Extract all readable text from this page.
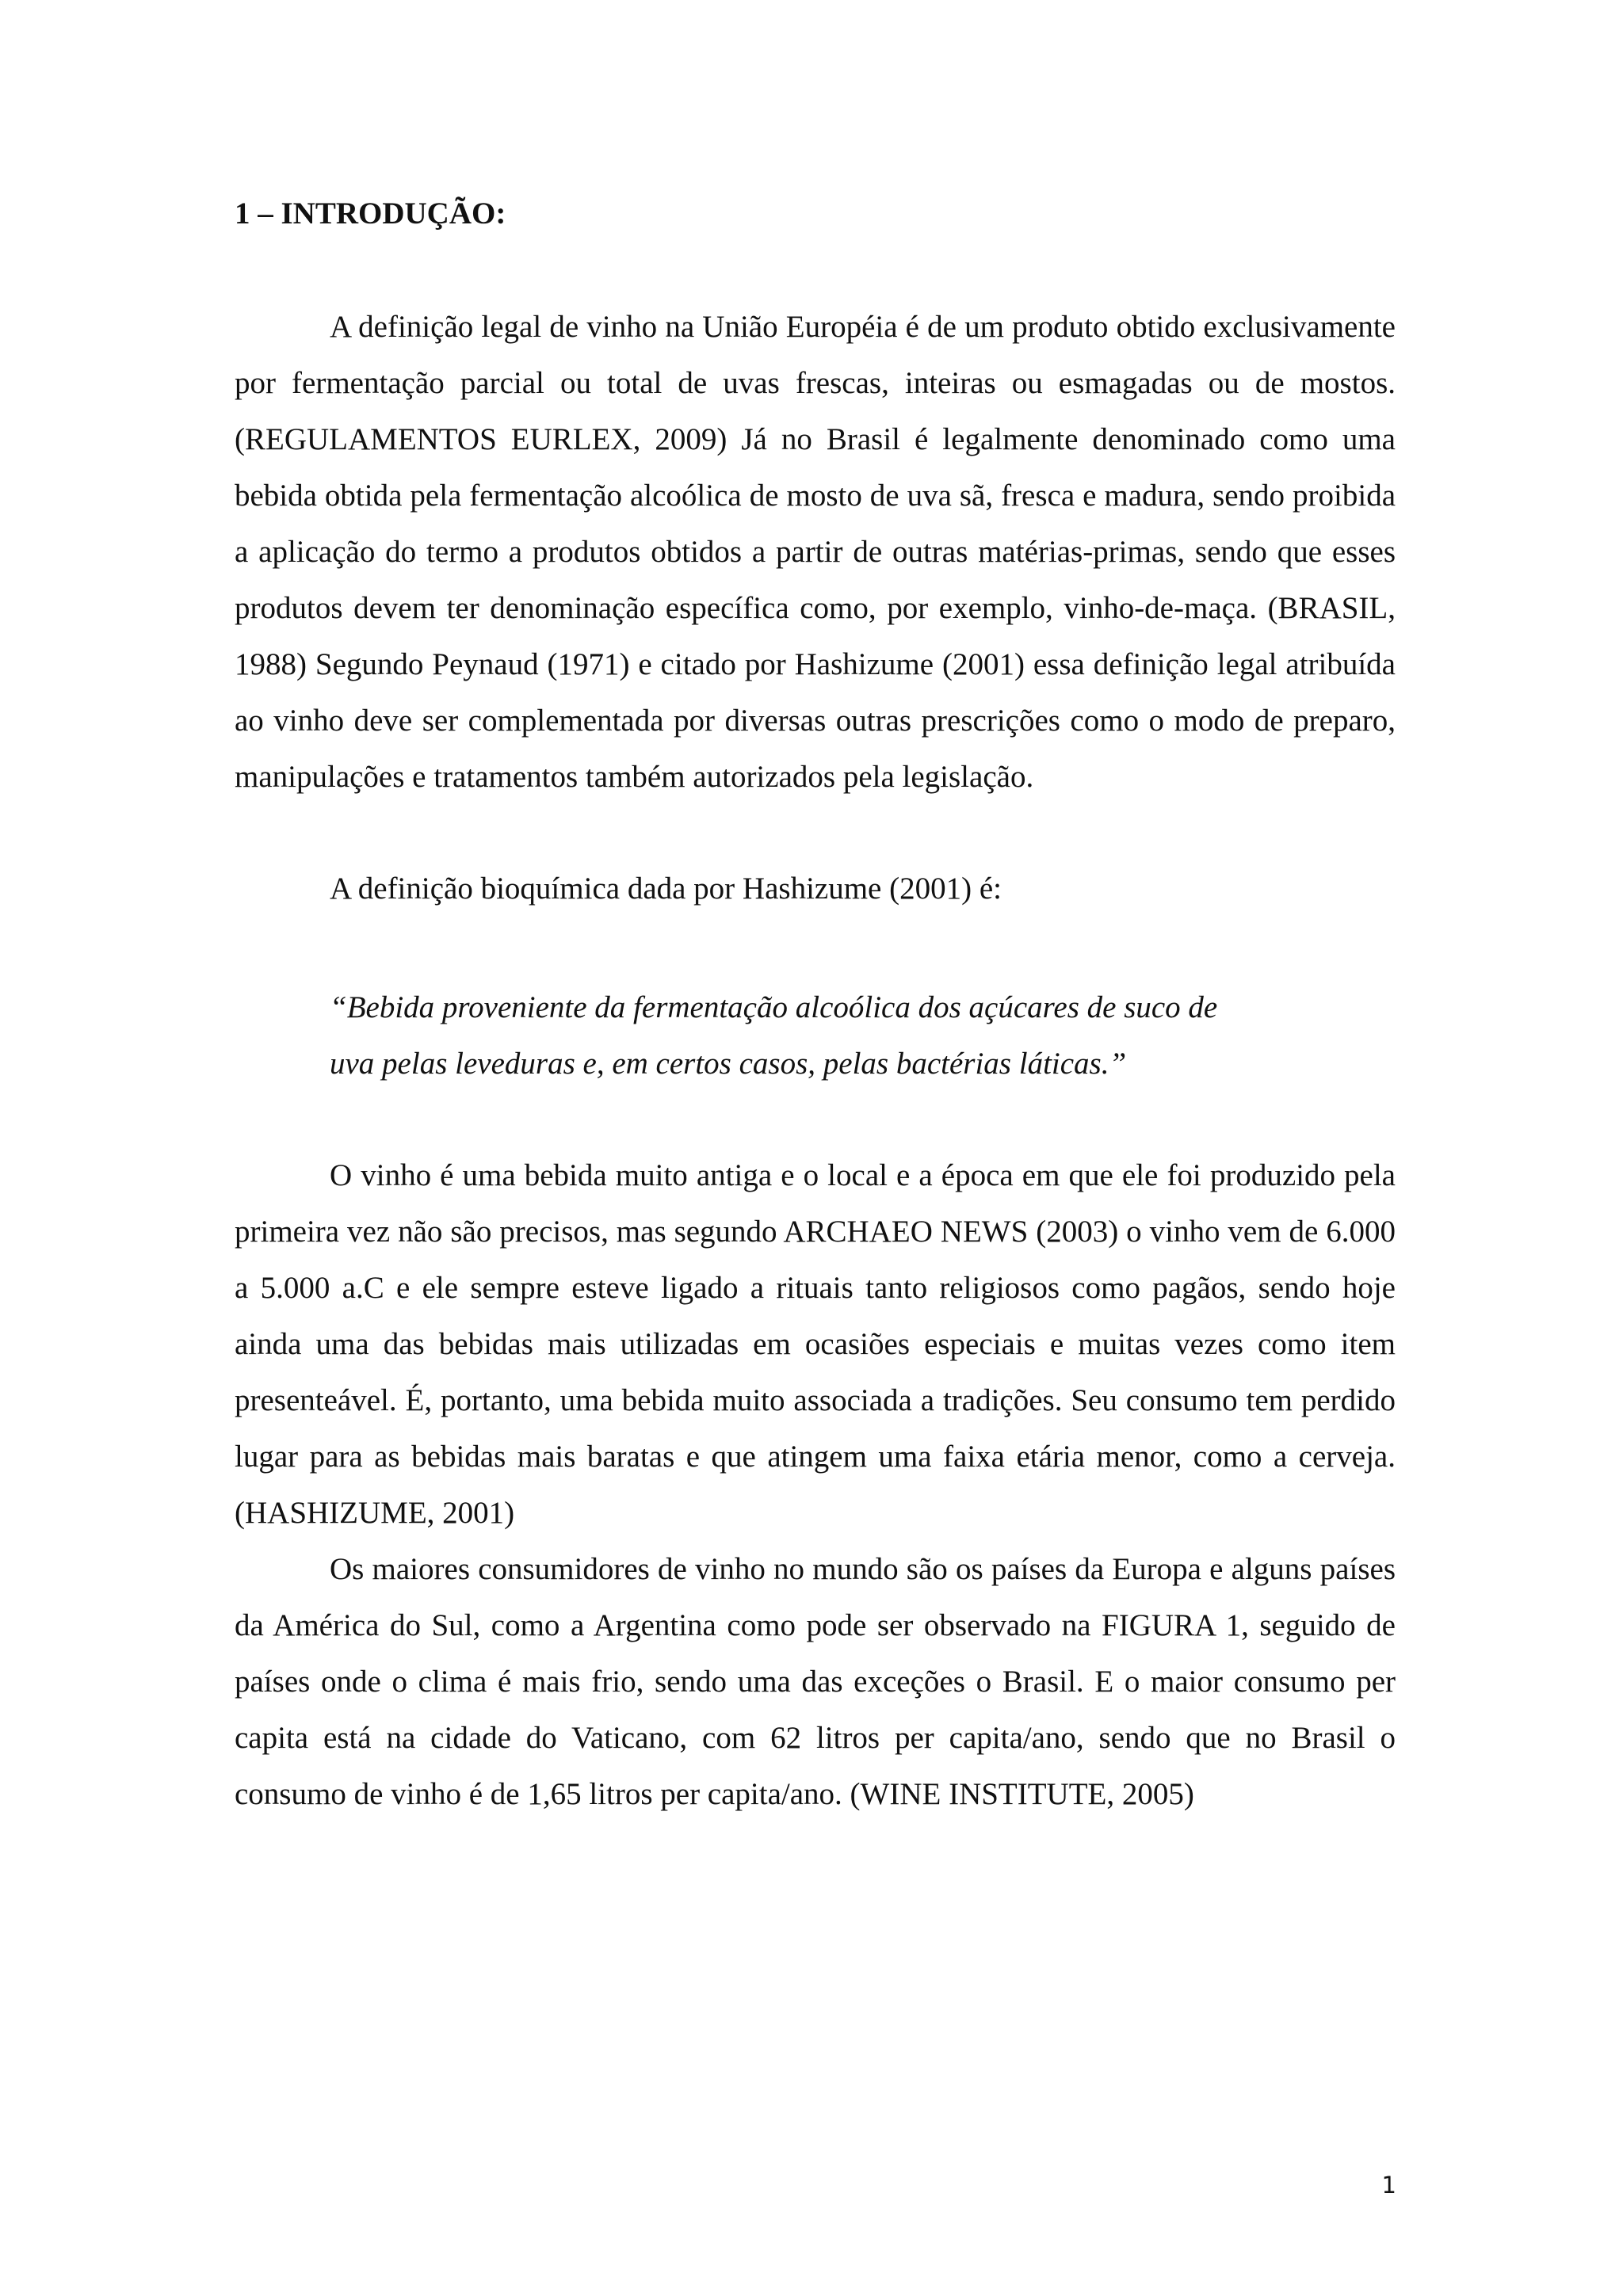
1 – INTRODUÇÃO:

A definição legal de vinho na União Européia é de um produto obtido exclusivamente por fermentação parcial ou total de uvas frescas, inteiras ou esmagadas ou de mostos. (REGULAMENTOS EURLEX, 2009) Já no Brasil é legalmente denominado como uma bebida obtida pela fermentação alcoólica de mosto de uva sã, fresca e madura, sendo proibida a aplicação do termo a produtos obtidos a partir de outras matérias-primas, sendo que esses produtos devem ter denominação específica como, por exemplo, vinho-de-maça. (BRASIL, 1988) Segundo Peynaud (1971) e citado por Hashizume (2001) essa definição legal atribuída ao vinho deve ser complementada por diversas outras prescrições como o modo de preparo, manipulações e tratamentos também autorizados pela legislação.

A definição bioquímica dada por Hashizume (2001) é:

“Bebida proveniente da fermentação alcoólica dos açúcares de suco de
uva pelas leveduras e, em certos casos, pelas bactérias láticas.”

O vinho é uma bebida muito antiga e o local e a época em que ele foi produzido pela primeira vez não são precisos, mas segundo ARCHAEO NEWS (2003) o vinho vem de 6.000 a 5.000 a.C e ele sempre esteve ligado a rituais tanto religiosos como pagãos, sendo hoje ainda uma das bebidas mais utilizadas em ocasiões especiais e muitas vezes como item presenteável. É, portanto, uma bebida muito associada a tradições. Seu consumo tem perdido lugar para as bebidas mais baratas e que atingem uma faixa etária menor, como a cerveja. (HASHIZUME, 2001)

Os maiores consumidores de vinho no mundo são os países da Europa e alguns países da América do Sul, como a Argentina como pode ser observado na FIGURA 1, seguido de países onde o clima é mais frio, sendo uma das exceções o Brasil. E o maior consumo per capita está na cidade do Vaticano, com 62 litros per capita/ano, sendo que no Brasil o consumo de vinho é de 1,65 litros per capita/ano. (WINE INSTITUTE, 2005)

1
